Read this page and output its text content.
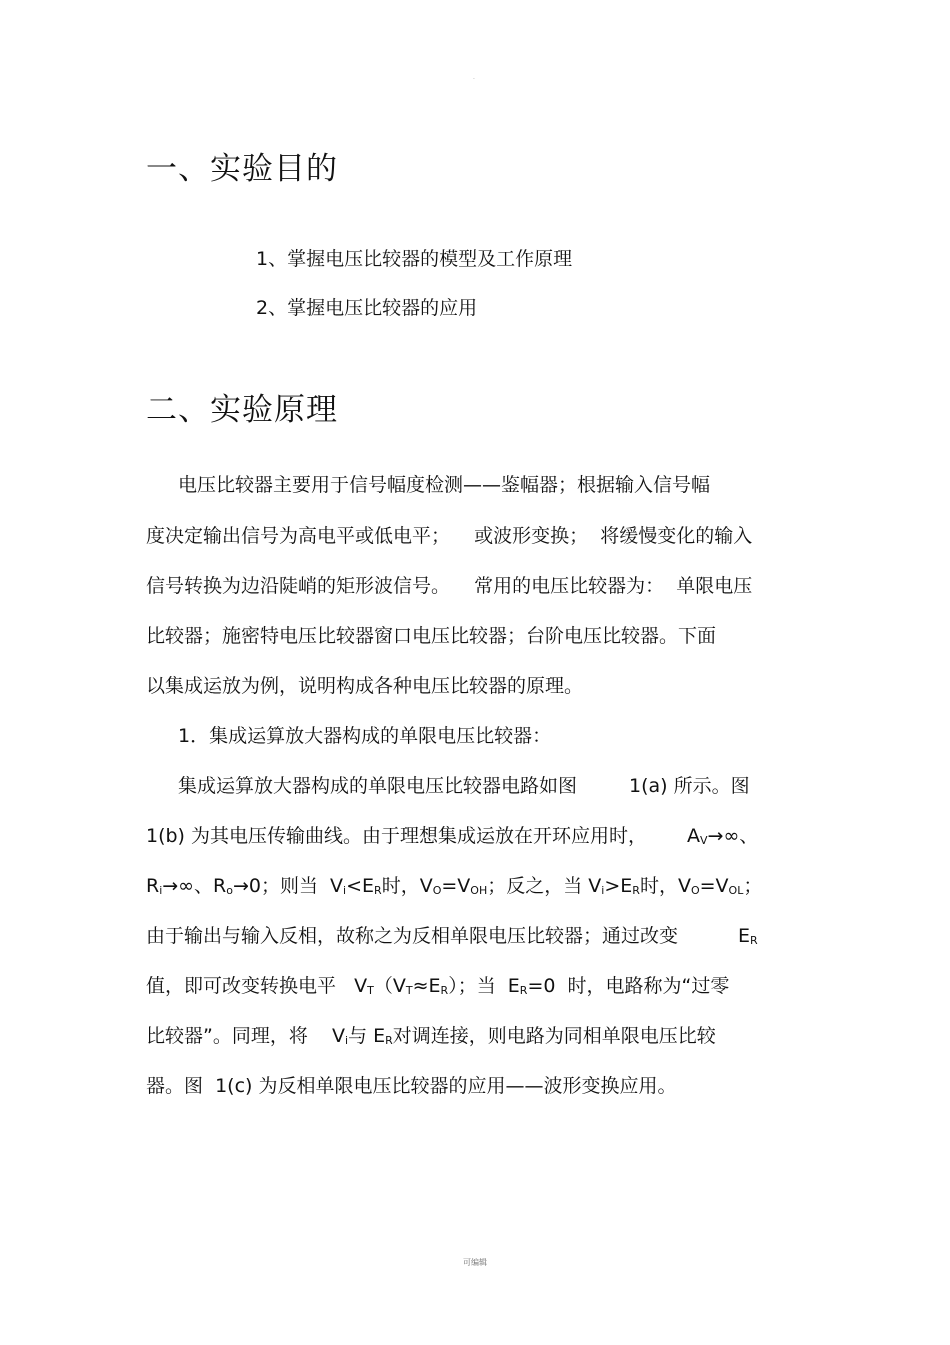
.
一、实验目的
1、掌握电压比较器的模型及工作原理
2、掌握电压比较器的应用
二、实验原理
电压比较器主要用于信号幅度检测——鉴幅器；根据输入信号幅
度决定输出信号为高电平或低电平；    或波形变换；  将缓慢变化的输入
信号转换为边沿陡峭的矩形波信号。    常用的电压比较器为：  单限电压
比较器；施密特电压比较器窗口电压比较器；台阶电压比较器。下面
以集成运放为例，说明构成各种电压比较器的原理。
1．集成运算放大器构成的单限电压比较器：
集成运算放大器构成的单限电压比较器电路如图	1(a) 所示。图
1(b) 为其电压传输曲线。由于理想集成运放在开环应用时， $A_V\to\infty$、
$R_i\to\infty$、$R_o\to 0$；则当  $V_i<E_R$时，$V_O=V_{OH}$；反之，当 $V_i>E_R$时，$V_O=V_{OL}$；
由于输出与输入反相，故称之为反相单限电压比较器；通过改变	$E_R$
值，即可改变转换电平   $V_T(V_T\approx E_R)$；当  $E_R=0$  时，电路称为“过零
比较器”。同理，将    $V_i$与 $E_R$对调连接，则电路为同相单限电压比较
器。图  1(c) 为反相单限电压比较器的应用——波形变换应用。
可编辑
